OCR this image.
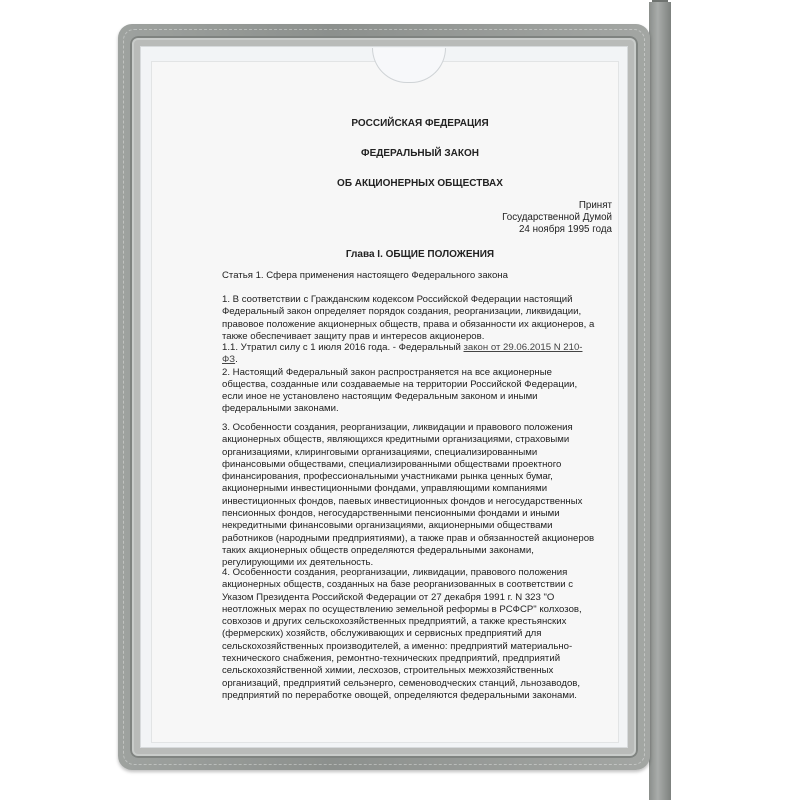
РОССИЙСКАЯ ФЕДЕРАЦИЯ
ФЕДЕРАЛЬНЫЙ ЗАКОН
ОБ АКЦИОНЕРНЫХ ОБЩЕСТВАХ
Принят
Государственной Думой
24 ноября 1995 года
Глава I. ОБЩИЕ ПОЛОЖЕНИЯ

Статья 1. Сфера применения настоящего Федерального закона

1. В соответствии с Гражданским кодексом Российской Федерации настоящий
Федеральный закон определяет порядок создания, реорганизации, ликвидации,
правовое положение акционерных обществ, права и обязанности их акционеров, а
также обеспечивает защиту прав и интересов акционеров.

1.1. Утратил силу с 1 июля 2016 года. - Федеральный закон от 29.06.2015 N 210-
ФЗ.
2. Настоящий Федеральный закон распространяется на все акционерные
общества, созданные или создаваемые на территории Российской Федерации,
если иное не установлено настоящим Федеральным законом и иными
федеральными законами.

3. Особенности создания, реорганизации, ликвидации и правового положения
акционерных обществ, являющихся кредитными организациями, страховыми
организациями, клиринговыми организациями, специализированными
финансовыми обществами, специализированными обществами проектного
финансирования, профессиональными участниками рынка ценных бумаг,
акционерными инвестиционными фондами, управляющими компаниями
инвестиционных фондов, паевых инвестиционных фондов и негосударственных
пенсионных фондов, негосударственными пенсионными фондами и иными
некредитными финансовыми организациями, акционерными обществами
работников (народными предприятиями), а также прав и обязанностей акционеров
таких акционерных обществ определяются федеральными законами,
регулирующими их деятельность.

4. Особенности создания, реорганизации, ликвидации, правового положения
акционерных обществ, созданных на базе реорганизованных в соответствии с
Указом Президента Российской Федерации от 27 декабря 1991 г. N 323 "О
неотложных мерах по осуществлению земельной реформы в РСФСР" колхозов,
совхозов и других сельскохозяйственных предприятий, а также крестьянских
(фермерских) хозяйств, обслуживающих и сервисных предприятий для
сельскохозяйственных производителей, а именно: предприятий материально-
технического снабжения, ремонтно-технических предприятий, предприятий
сельскохозяйственной химии, лесхозов, строительных межхозяйственных
организаций, предприятий сельэнерго, семеноводческих станций, льнозаводов,
предприятий по переработке овощей, определяются федеральными законами.
